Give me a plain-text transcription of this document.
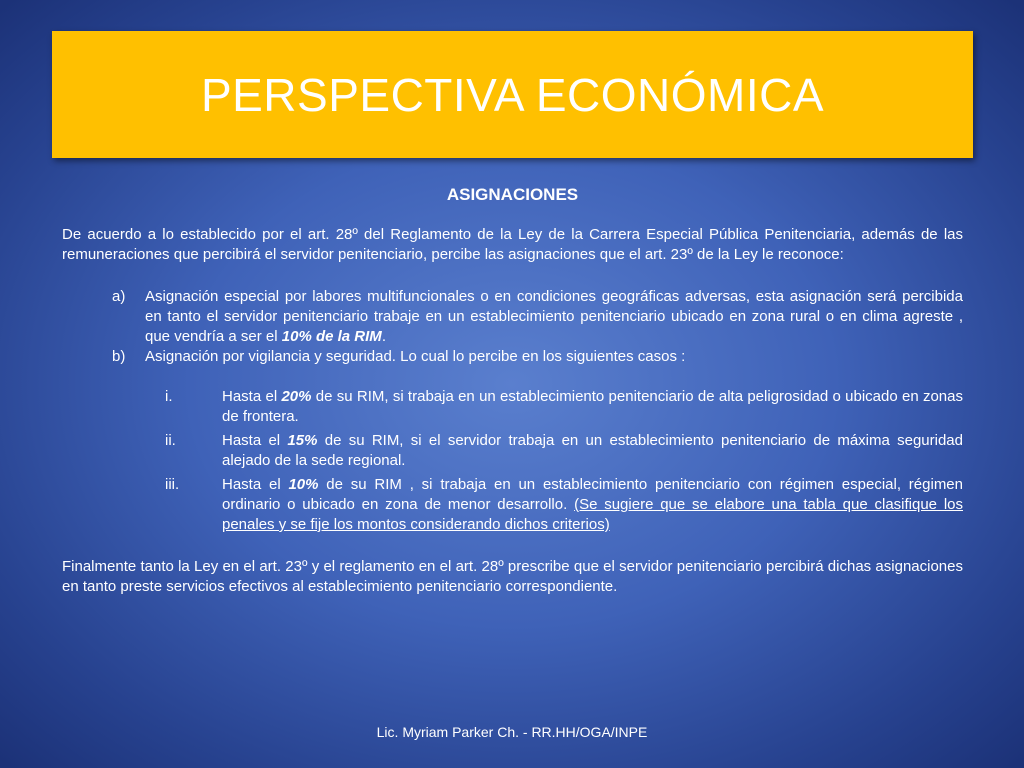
PERSPECTIVA ECONÓMICA
ASIGNACIONES

De acuerdo a lo establecido por el art. 28º del Reglamento de la Ley de la Carrera Especial Pública Penitenciaria, además de las remuneraciones que percibirá el servidor penitenciario, percibe las asignaciones que el art. 23º de la Ley le reconoce:

a) Asignación especial por labores multifuncionales o en condiciones geográficas adversas, esta asignación será percibida en tanto el servidor penitenciario trabaje en un establecimiento penitenciario ubicado en zona rural o en clima agreste , que vendría a ser el 10% de la RIM.
b) Asignación por vigilancia y seguridad. Lo cual lo percibe en los siguientes casos :
i.	Hasta el 20% de su RIM, si trabaja en un establecimiento penitenciario de alta peligrosidad o ubicado en zonas de frontera.
ii.	Hasta el 15% de su RIM, si el servidor trabaja en un establecimiento penitenciario de máxima seguridad alejado de la sede regional.
iii.	Hasta el 10% de su RIM , si trabaja en un establecimiento penitenciario con régimen especial, régimen ordinario o ubicado en zona de menor desarrollo. (Se sugiere que se elabore una tabla que clasifique los penales y se fije los montos considerando dichos criterios)

Finalmente tanto la Ley en el art. 23º y el reglamento en el art. 28º prescribe que el servidor penitenciario percibirá dichas asignaciones en tanto preste servicios efectivos al establecimiento penitenciario correspondiente.

Lic. Myriam Parker Ch. - RR.HH/OGA/INPE
